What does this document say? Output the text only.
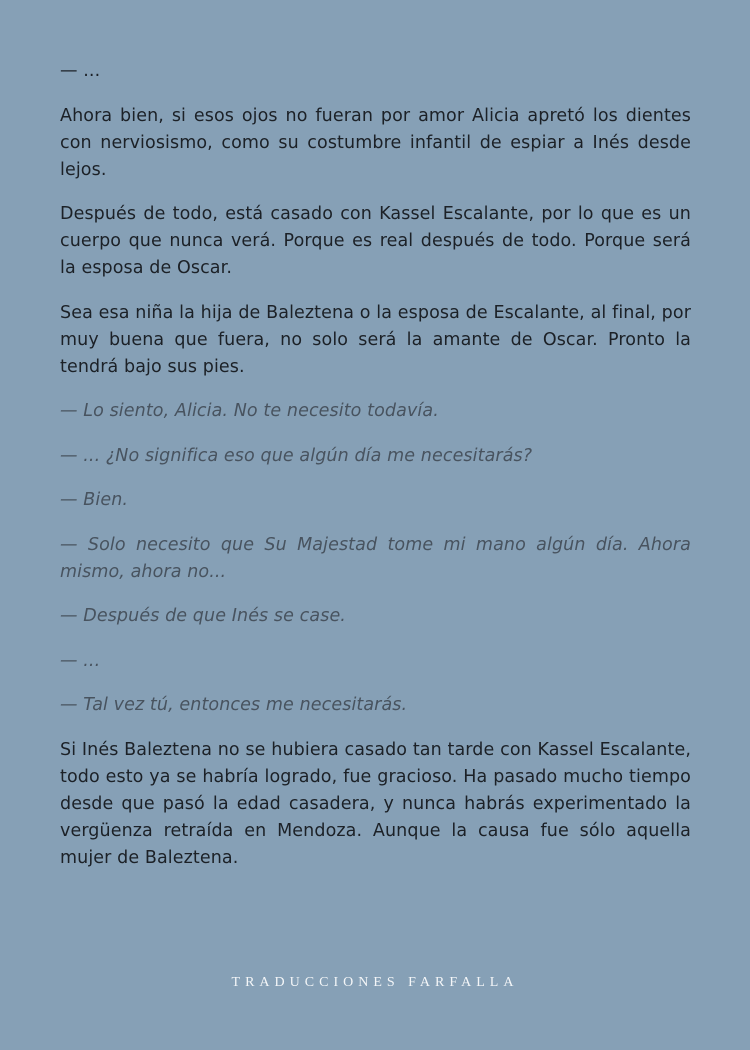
— ...

Ahora bien, si esos ojos no fueran por amor Alicia apretó los dientes con nerviosismo, como su costumbre infantil de espiar a Inés desde lejos.

Después de todo, está casado con Kassel Escalante, por lo que es un cuerpo que nunca verá. Porque es real después de todo. Porque será la esposa de Oscar.

Sea esa niña la hija de Baleztena o la esposa de Escalante, al final, por muy buena que fuera, no solo será la amante de Oscar. Pronto la tendrá bajo sus pies.

— Lo siento, Alicia. No te necesito todavía.

— ... ¿No significa eso que algún día me necesitarás?

— Bien.

— Solo necesito que Su Majestad tome mi mano algún día. Ahora mismo, ahora no...

— Después de que Inés se case.

— ...

— Tal vez tú, entonces me necesitarás.

Si Inés Baleztena no se hubiera casado tan tarde con Kassel Escalante, todo esto ya se habría logrado, fue gracioso. Ha pasado mucho tiempo desde que pasó la edad casadera, y nunca habrás experimentado la vergüenza retraída en Mendoza. Aunque la causa fue sólo aquella mujer de Baleztena.

TRADUCCIONES FARFALLA
